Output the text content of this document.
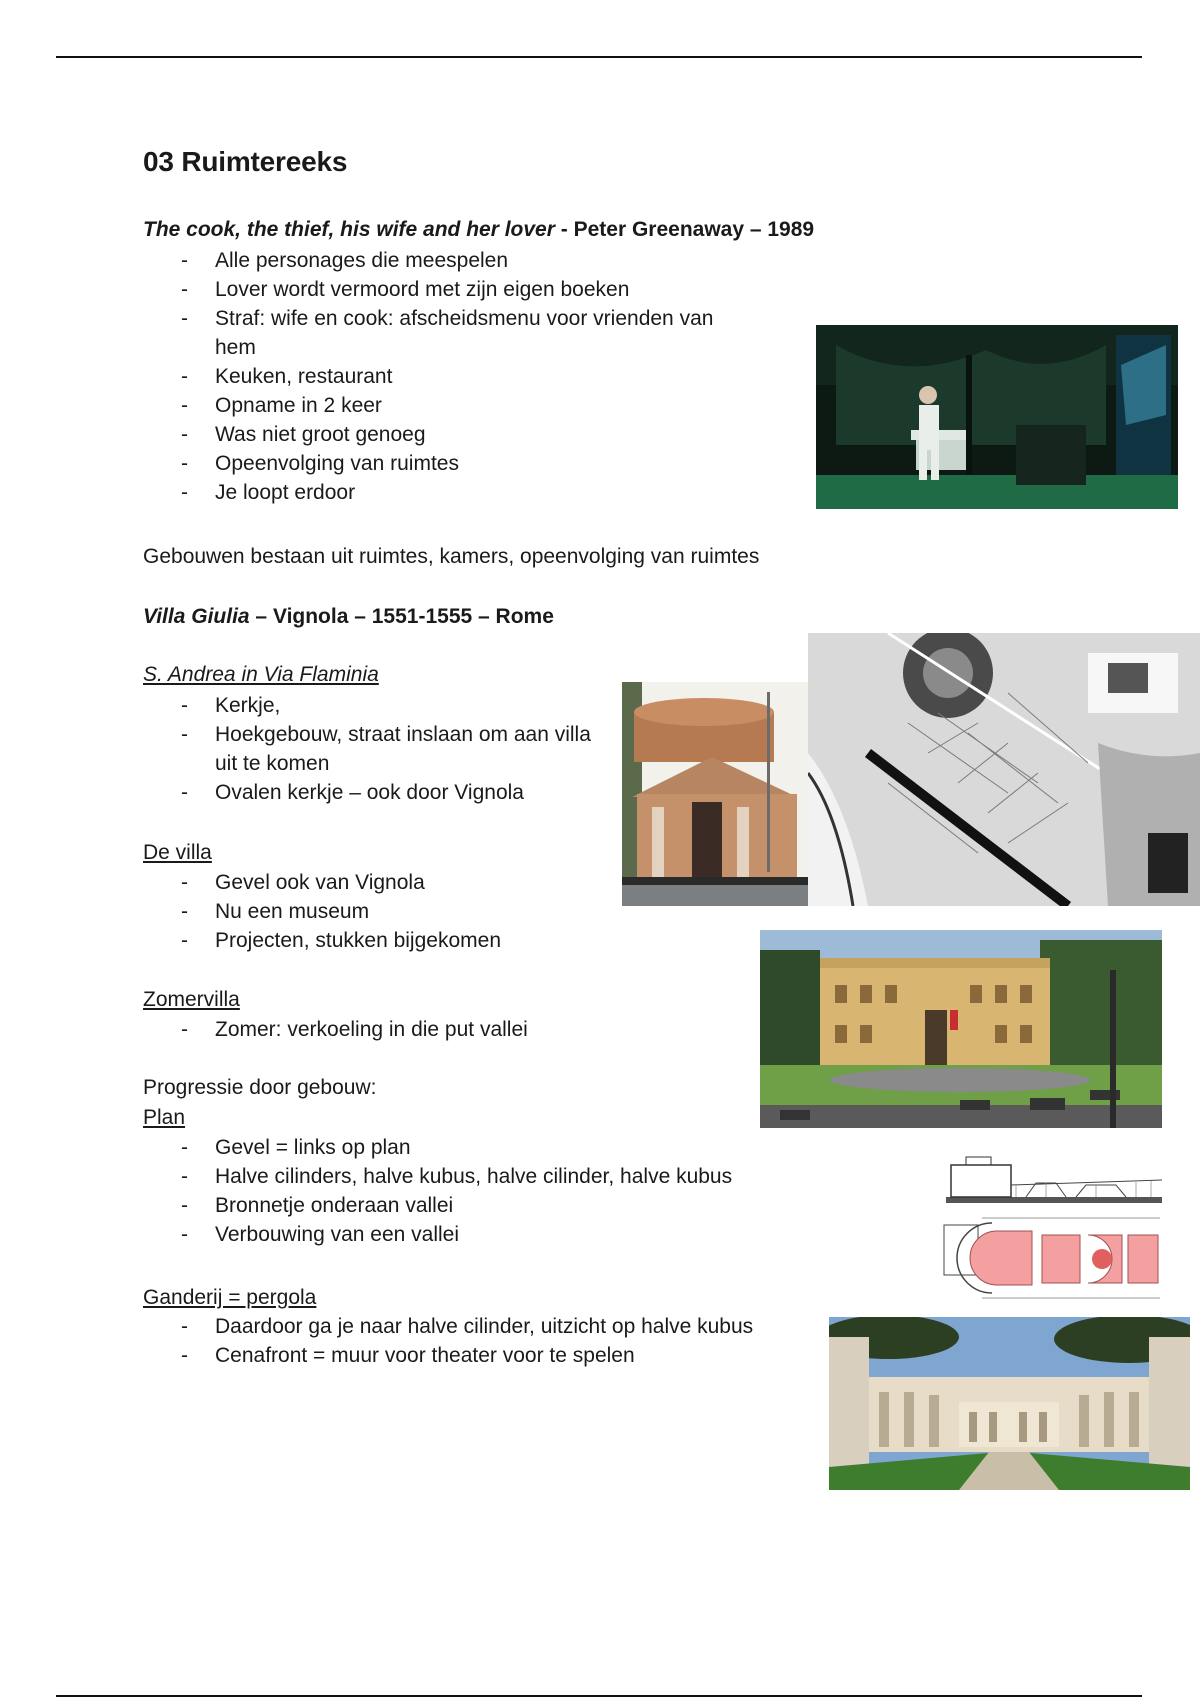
03 Ruimtereeks
The cook, the thief, his wife and her lover - Peter Greenaway – 1989
- Alle personages die meespelen
- Lover wordt vermoord met zijn eigen boeken
- Straf: wife en cook: afscheidsmenu voor vrienden van hem
- Keuken, restaurant
- Opname in 2 keer
- Was niet groot genoeg
- Opeenvolging van ruimtes
- Je loopt erdoor
Gebouwen bestaan uit ruimtes, kamers, opeenvolging van ruimtes
Villa Giulia – Vignola – 1551-1555 – Rome
S. Andrea in Via Flaminia
- Kerkje,
- Hoekgebouw, straat inslaan om aan villa uit te komen
- Ovalen kerkje – ook door Vignola
De villa
- Gevel ook van Vignola
- Nu een museum
- Projecten, stukken bijgekomen
Zomervilla
- Zomer: verkoeling in die put vallei
Progressie door gebouw:
Plan
- Gevel = links op plan
- Halve cilinders, halve kubus, halve cilinder, halve kubus
- Bronnetje onderaan vallei
- Verbouwing van een vallei
Ganderij = pergola
- Daardoor ga je naar halve cilinder, uitzicht op halve kubus
- Cenafront = muur voor theater voor te spelen
